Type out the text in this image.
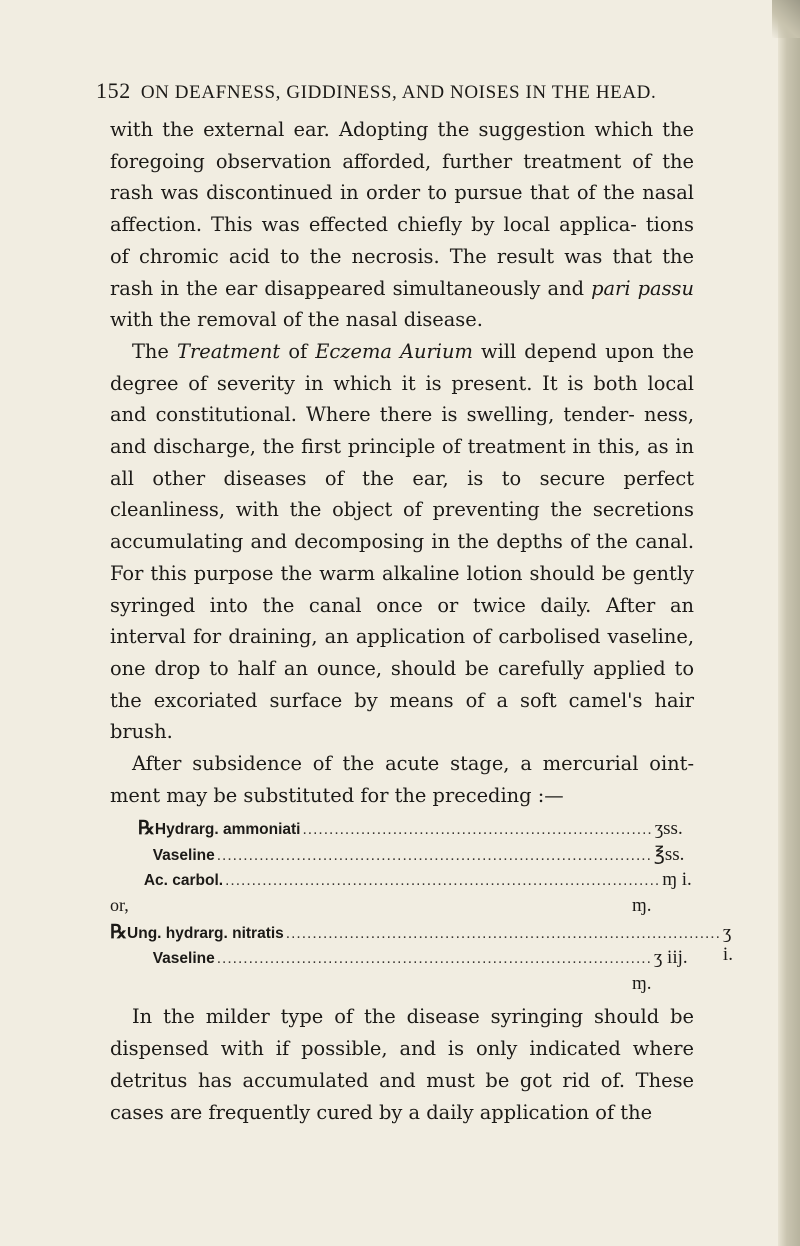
152 ON DEAFNESS, GIDDINESS, AND NOISES IN THE HEAD.

with the external ear. Adopting the suggestion which the foregoing observation afforded, further treatment of the rash was discontinued in order to pursue that of the nasal affection. This was effected chiefly by local applica- tions of chromic acid to the necrosis. The result was that the rash in the ear disappeared simultaneously and pari passu with the removal of the nasal disease.

The Treatment of Eczema Aurium will depend upon the degree of severity in which it is present. It is both local and constitutional. Where there is swelling, tender- ness, and discharge, the first principle of treatment in this, as in all other diseases of the ear, is to secure perfect cleanliness, with the object of preventing the secretions accumulating and decomposing in the depths of the canal. For this purpose the warm alkaline lotion should be gently syringed into the canal once or twice daily. After an interval for draining, an application of carbolised vaseline, one drop to half an ounce, should be carefully applied to the excoriated surface by means of a soft camel's hair brush.

After subsidence of the acute stage, a mercurial oint- ment may be substituted for the preceding :—

℞ Hydrarg. ammoniati .................................................................. ʒss.
Vaseline .................................................................................. ℥ss.
Ac. carbol. .................................................................................. ɱ i.
or,	ɱ.
℞ Ung. hydrarg. nitratis .................................................................................. ʒ i.
Vaseline .................................................................................. ʒ iij.
ɱ.

In the milder type of the disease syringing should be dispensed with if possible, and is only indicated where detritus has accumulated and must be got rid of. These cases are frequently cured by a daily application of the
